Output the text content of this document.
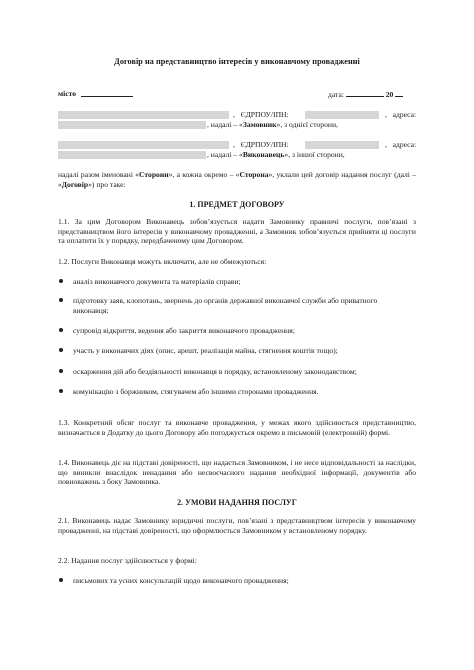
Договір на представництво інтересів у виконавчому провадженні
місто	дата:	20
,   ЄДРПОУ/ІПН:	,   адреса:
, надалі – «Замовник», з однієї сторони,
,   ЄДРПОУ/ІПН:	,   адреса:
, надалі – «Виконавець», з іншої сторони,
надалі разом іменовані «Сторони», а кожна окремо – «Сторона», уклали цей договір надання послуг (далі – «Договір») про таке:
1. ПРЕДМЕТ ДОГОВОРУ
1.1. За цим Договором Виконавець зобов’язується надати Замовнику правничі послуги, пов’язані з представництвом його інтересів у виконавчому провадженні, а Замовник зобов’язується прийняти ці послуги та оплатити їх у порядку, передбаченому цим Договором.
1.2. Послуги Виконавця можуть включати, але не обмежуються:
аналіз виконавчого документа та матеріалів справи;
підготовку заяв, клопотань, звернень до органів державної виконавчої служби або приватного виконавця;
супровід відкриття, ведення або закриття виконавчого провадження;
участь у виконавчих діях (опис, арешт, реалізація майна, стягнення коштів тощо);
оскарження дій або бездіяльності виконавця в порядку, встановленому законодавством;
комунікацію з боржником, стягувачем або іншими сторонами провадження.
1.3. Конкретний обсяг послуг та виконавче провадження, у межах якого здійснюється представництво, визначається в Додатку до цього Договору або погоджується окремо в письмовій (електронній) формі.
1.4. Виконавець діє на підставі довіреності, що надається Замовником, і не несе відповідальності за наслідки, що виникли внаслідок ненадання або несвоєчасного надання необхідної інформації, документів або повноважень з боку Замовника.
2. УМОВИ НАДАННЯ ПОСЛУГ
2.1. Виконавець надає Замовнику юридичні послуги, пов’язані з представництвом інтересів у виконавчому провадженні, на підставі довіреності, що оформлюється Замовником у встановленому порядку.
2.2. Надання послуг здійснюється у формі:
письмових та усних консультацій щодо виконавчого провадження;
